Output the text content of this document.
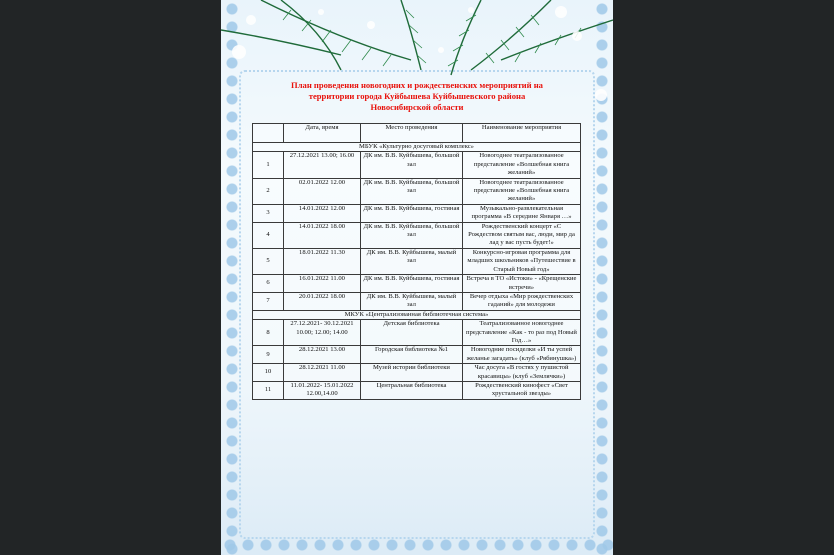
План проведения новогодних и рождественских мероприятий на
территории города Куйбышева Куйбышевского района
Новосибирской области
	Дата, время	Место проведения	Наименование мероприятия
МБУК «Культурно досуговый комплекс»			
1	27.12.2021 13.00; 16.00	ДК им. В.В. Куйбышева, большой зал	Новогоднее театрализованное представление «Волшебная книга желаний»
2	02.01.2022 12.00	ДК им. В.В. Куйбышева, большой зал	Новогоднее театрализованное представление «Волшебная книга желаний»
3	14.01.2022 12.00	ДК им. В.В. Куйбышева, гостиная	Музыкально-развлекательная программа «В середине Января …»
4	14.01.2022 18.00	ДК им. В.В. Куйбышева, большой зал	Рождественский концерт «С Рождеством святым вас, люди, мир да лад у вас пусть будет!»
5	18.01.2022 11.30	ДК им. В.В. Куйбышева, малый зал	Конкурсно-игровая программа для младших школьников «Путешествие в Старый Новый год»
6	16.01.2022 11.00	ДК им. В.В. Куйбышева, гостиная	Встреча в ТО «Истоки» - «Крещенские встречи»
7	20.01.2022 18.00	ДК им. В.В. Куйбышева, малый зал	Вечер отдыха «Мир рождественских гаданий» для молодежи
МКУК «Централизованная библиотечная система»			
8	27.12.2021- 30.12.2021 10.00; 12.00; 14.00	Детская библиотека	Театрализованное новогоднее представление «Как - то раз под Новый Год…»
9	28.12.2021 13.00	Городская библиотека №1	Новогодние посиделки «И ты успей желанье загадать» (клуб «Рябинушка»)
10	28.12.2021 11.00	Музей истории библиотеки	Час досуга «В гостях у пушистой красавицы» (клуб «Землячки»)
11	11.01.2022- 15.01.2022 12.00,14.00	Центральная библиотека	Рождественский кинофест «Свет хрустальной звезды»
